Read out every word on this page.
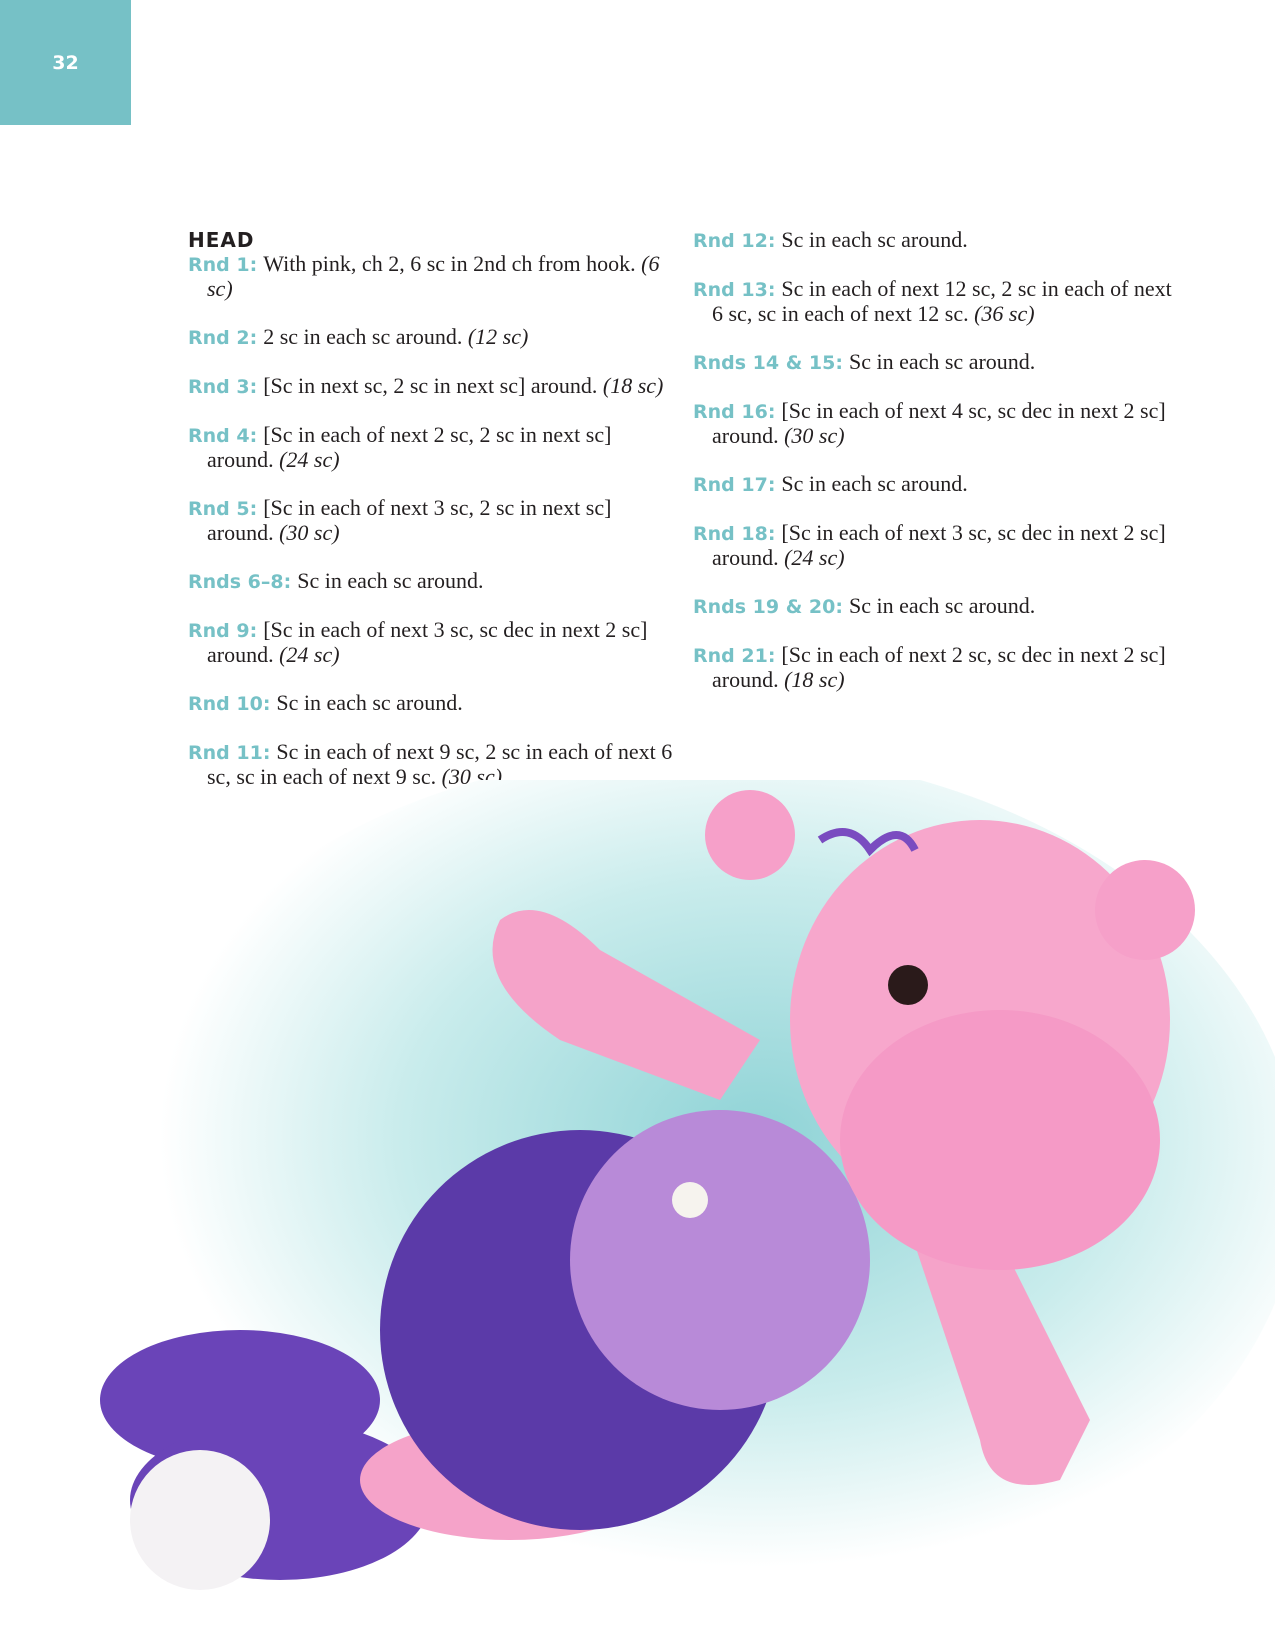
32
HEAD

Rnd 1: With pink, ch 2, 6 sc in 2nd ch from hook. (6 sc)

Rnd 2: 2 sc in each sc around. (12 sc)

Rnd 3: [Sc in next sc, 2 sc in next sc] around. (18 sc)

Rnd 4: [Sc in each of next 2 sc, 2 sc in next sc] around. (24 sc)

Rnd 5: [Sc in each of next 3 sc, 2 sc in next sc] around. (30 sc)

Rnds 6–8: Sc in each sc around.

Rnd 9: [Sc in each of next 3 sc, sc dec in next 2 sc] around. (24 sc)

Rnd 10: Sc in each sc around.

Rnd 11: Sc in each of next 9 sc, 2 sc in each of next 6 sc, sc in each of next 9 sc. (30 sc)

Rnd 12: Sc in each sc around.

Rnd 13: Sc in each of next 12 sc, 2 sc in each of next 6 sc, sc in each of next 12 sc. (36 sc)

Rnds 14 & 15: Sc in each sc around.

Rnd 16: [Sc in each of next 4 sc, sc dec in next 2 sc] around. (30 sc)

Rnd 17: Sc in each sc around.

Rnd 18: [Sc in each of next 3 sc, sc dec in next 2 sc] around. (24 sc)

Rnds 19 & 20: Sc in each sc around.

Rnd 21: [Sc in each of next 2 sc, sc dec in next 2 sc] around. (18 sc)
